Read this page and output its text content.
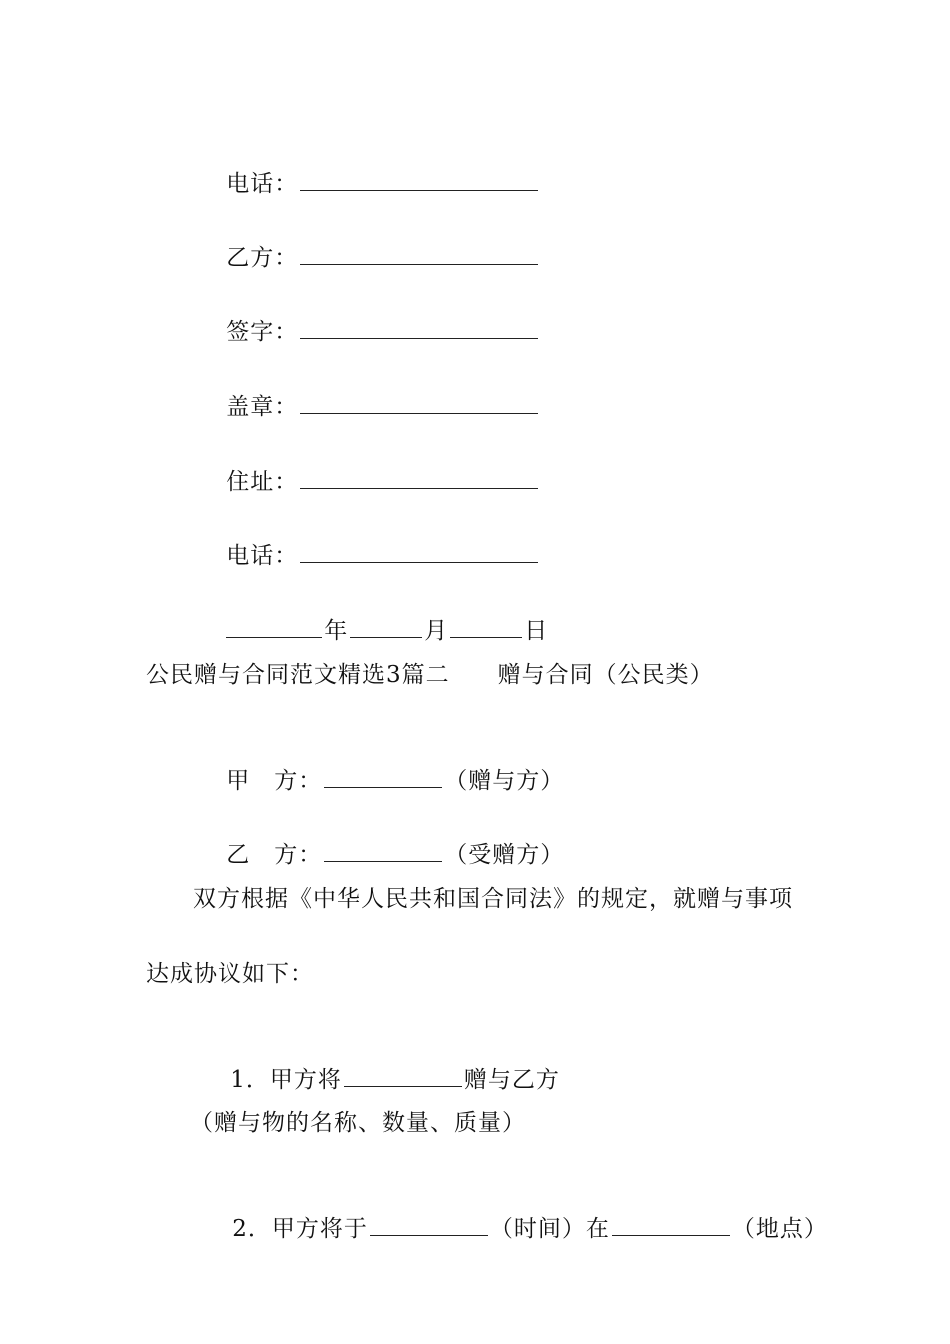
电话：

乙方：

签字：

盖章：

住址：

电话：

年	月	日

公民赠与合同范文精选3篇二　　赠与合同（公民类）

甲　方：	（赠与方）

乙　方：	（受赠方）

双方根据《中华人民共和国合同法》的规定，就赠与事项
达成协议如下：

1．甲方将	赠与乙方

（赠与物的名称、数量、质量）

2．甲方将于	（时间）在	（地点）
